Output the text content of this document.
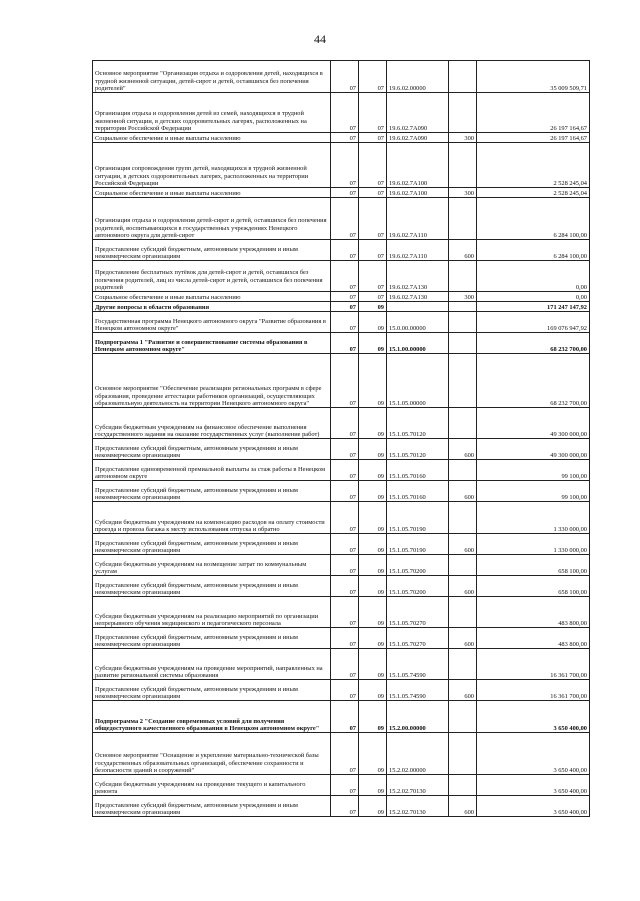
44
Основное мероприятие "Организация отдыха и оздоровления детей, находящихся в трудной жизненной ситуации, детей-сирот и детей, оставшихся без попечения родителей"	07	07	19.6.02.00000		35 009 509,71
Организация отдыха и оздоровления детей из семей, находящихся в трудной жизненной ситуации, в детских оздоровительных лагерях, расположенных на территории Российской Федерации	07	07	19.6.02.7А090		26 197 164,67
Социальное обеспечение и иные выплаты населению	07	07	19.6.02.7А090	300	26 197 164,67
Организация сопровождения групп детей, находящихся в трудной жизненной ситуации, в детских оздоровительных лагерях, расположенных на территории Российской Федерации	07	07	19.6.02.7А100		2 528 245,04
Социальное обеспечение и иные выплаты населению	07	07	19.6.02.7А100	300	2 528 245,04
Организация отдыха и оздоровления детей-сирот и детей, оставшихся без попечения родителей, воспитывающихся в государственных учреждениях Ненецкого автономного округа для детей-сирот	07	07	19.6.02.7А110		6 284 100,00
Предоставление субсидий бюджетным, автономным учреждениям и иным некоммерческим организациям	07	07	19.6.02.7А110	600	6 284 100,00
Предоставление бесплатных путёвок для детей-сирот и детей, оставшихся без попечения родителей, лиц из числа детей-сирот и детей, оставшихся без попечения родителей	07	07	19.6.02.7А130		0,00
Социальное обеспечение и иные выплаты населению	07	07	19.6.02.7А130	300	0,00
Другие вопросы в области образования	07	09			171 247 147,92
Государственная программа Ненецкого автономного округа "Развитие образования в Ненецком автономном округе"	07	09	15.0.00.00000		169 076 947,92
Подпрограмма 1 "Развитие и совершенствование системы образования в Ненецком автономном округе"	07	09	15.1.00.00000		68 232 700,00
Основное мероприятие "Обеспечение реализации региональных программ в сфере образования, проведение аттестации работников организаций, осуществляющих образовательную деятельность на территории Ненецкого автономного округа"	07	09	15.1.05.00000		68 232 700,00
Субсидии бюджетным учреждениям на финансовое обеспечение выполнения государственного задания на оказание государственных услуг (выполнение работ)	07	09	15.1.05.70120		49 300 000,00
Предоставление субсидий бюджетным, автономным учреждениям и иным некоммерческим организациям	07	09	15.1.05.70120	600	49 300 000,00
Предоставление единовременной премиальной выплаты за стаж работы в Ненецком автономном округе	07	09	15.1.05.70160		99 100,00
Предоставление субсидий бюджетным, автономным учреждениям и иным некоммерческим организациям	07	09	15.1.05.70160	600	99 100,00
Субсидии бюджетным учреждениям на компенсацию расходов на оплату стоимости проезда и провоза багажа к месту использования отпуска и обратно	07	09	15.1.05.70190		1 330 000,00
Предоставление субсидий бюджетным, автономным учреждениям и иным некоммерческим организациям	07	09	15.1.05.70190	600	1 330 000,00
Субсидии бюджетным учреждениям на возмещение затрат по коммунальным услугам	07	09	15.1.05.70200		658 100,00
Предоставление субсидий бюджетным, автономным учреждениям и иным некоммерческим организациям	07	09	15.1.05.70200	600	658 100,00
Субсидии бюджетным учреждениям на реализацию мероприятий по организации непрерывного обучения медицинского и педагогического персонала	07	09	15.1.05.70270		483 800,00
Предоставление субсидий бюджетным, автономным учреждениям и иным некоммерческим организациям	07	09	15.1.05.70270	600	483 800,00
Субсидии бюджетным учреждениям на проведение мероприятий, направленных на развитие региональной системы образования	07	09	15.1.05.74590		16 361 700,00
Предоставление субсидий бюджетным, автономным учреждениям и иным некоммерческим организациям	07	09	15.1.05.74590	600	16 361 700,00
Подпрограмма 2 "Создание современных условий для получения общедоступного качественного образования в Ненецком автономном округе"	07	09	15.2.00.00000		3 650 400,00
Основное мероприятие "Оснащение и укрепление материально-технической базы государственных образовательных организаций, обеспечение сохранности и безопасности зданий и сооружений"	07	09	15.2.02.00000		3 650 400,00
Субсидии бюджетным учреждениям на проведение текущего и капитального ремонта	07	09	15.2.02.70130		3 650 400,00
Предоставление субсидий бюджетным, автономным учреждениям и иным некоммерческим организациям	07	09	15.2.02.70130	600	3 650 400,00
